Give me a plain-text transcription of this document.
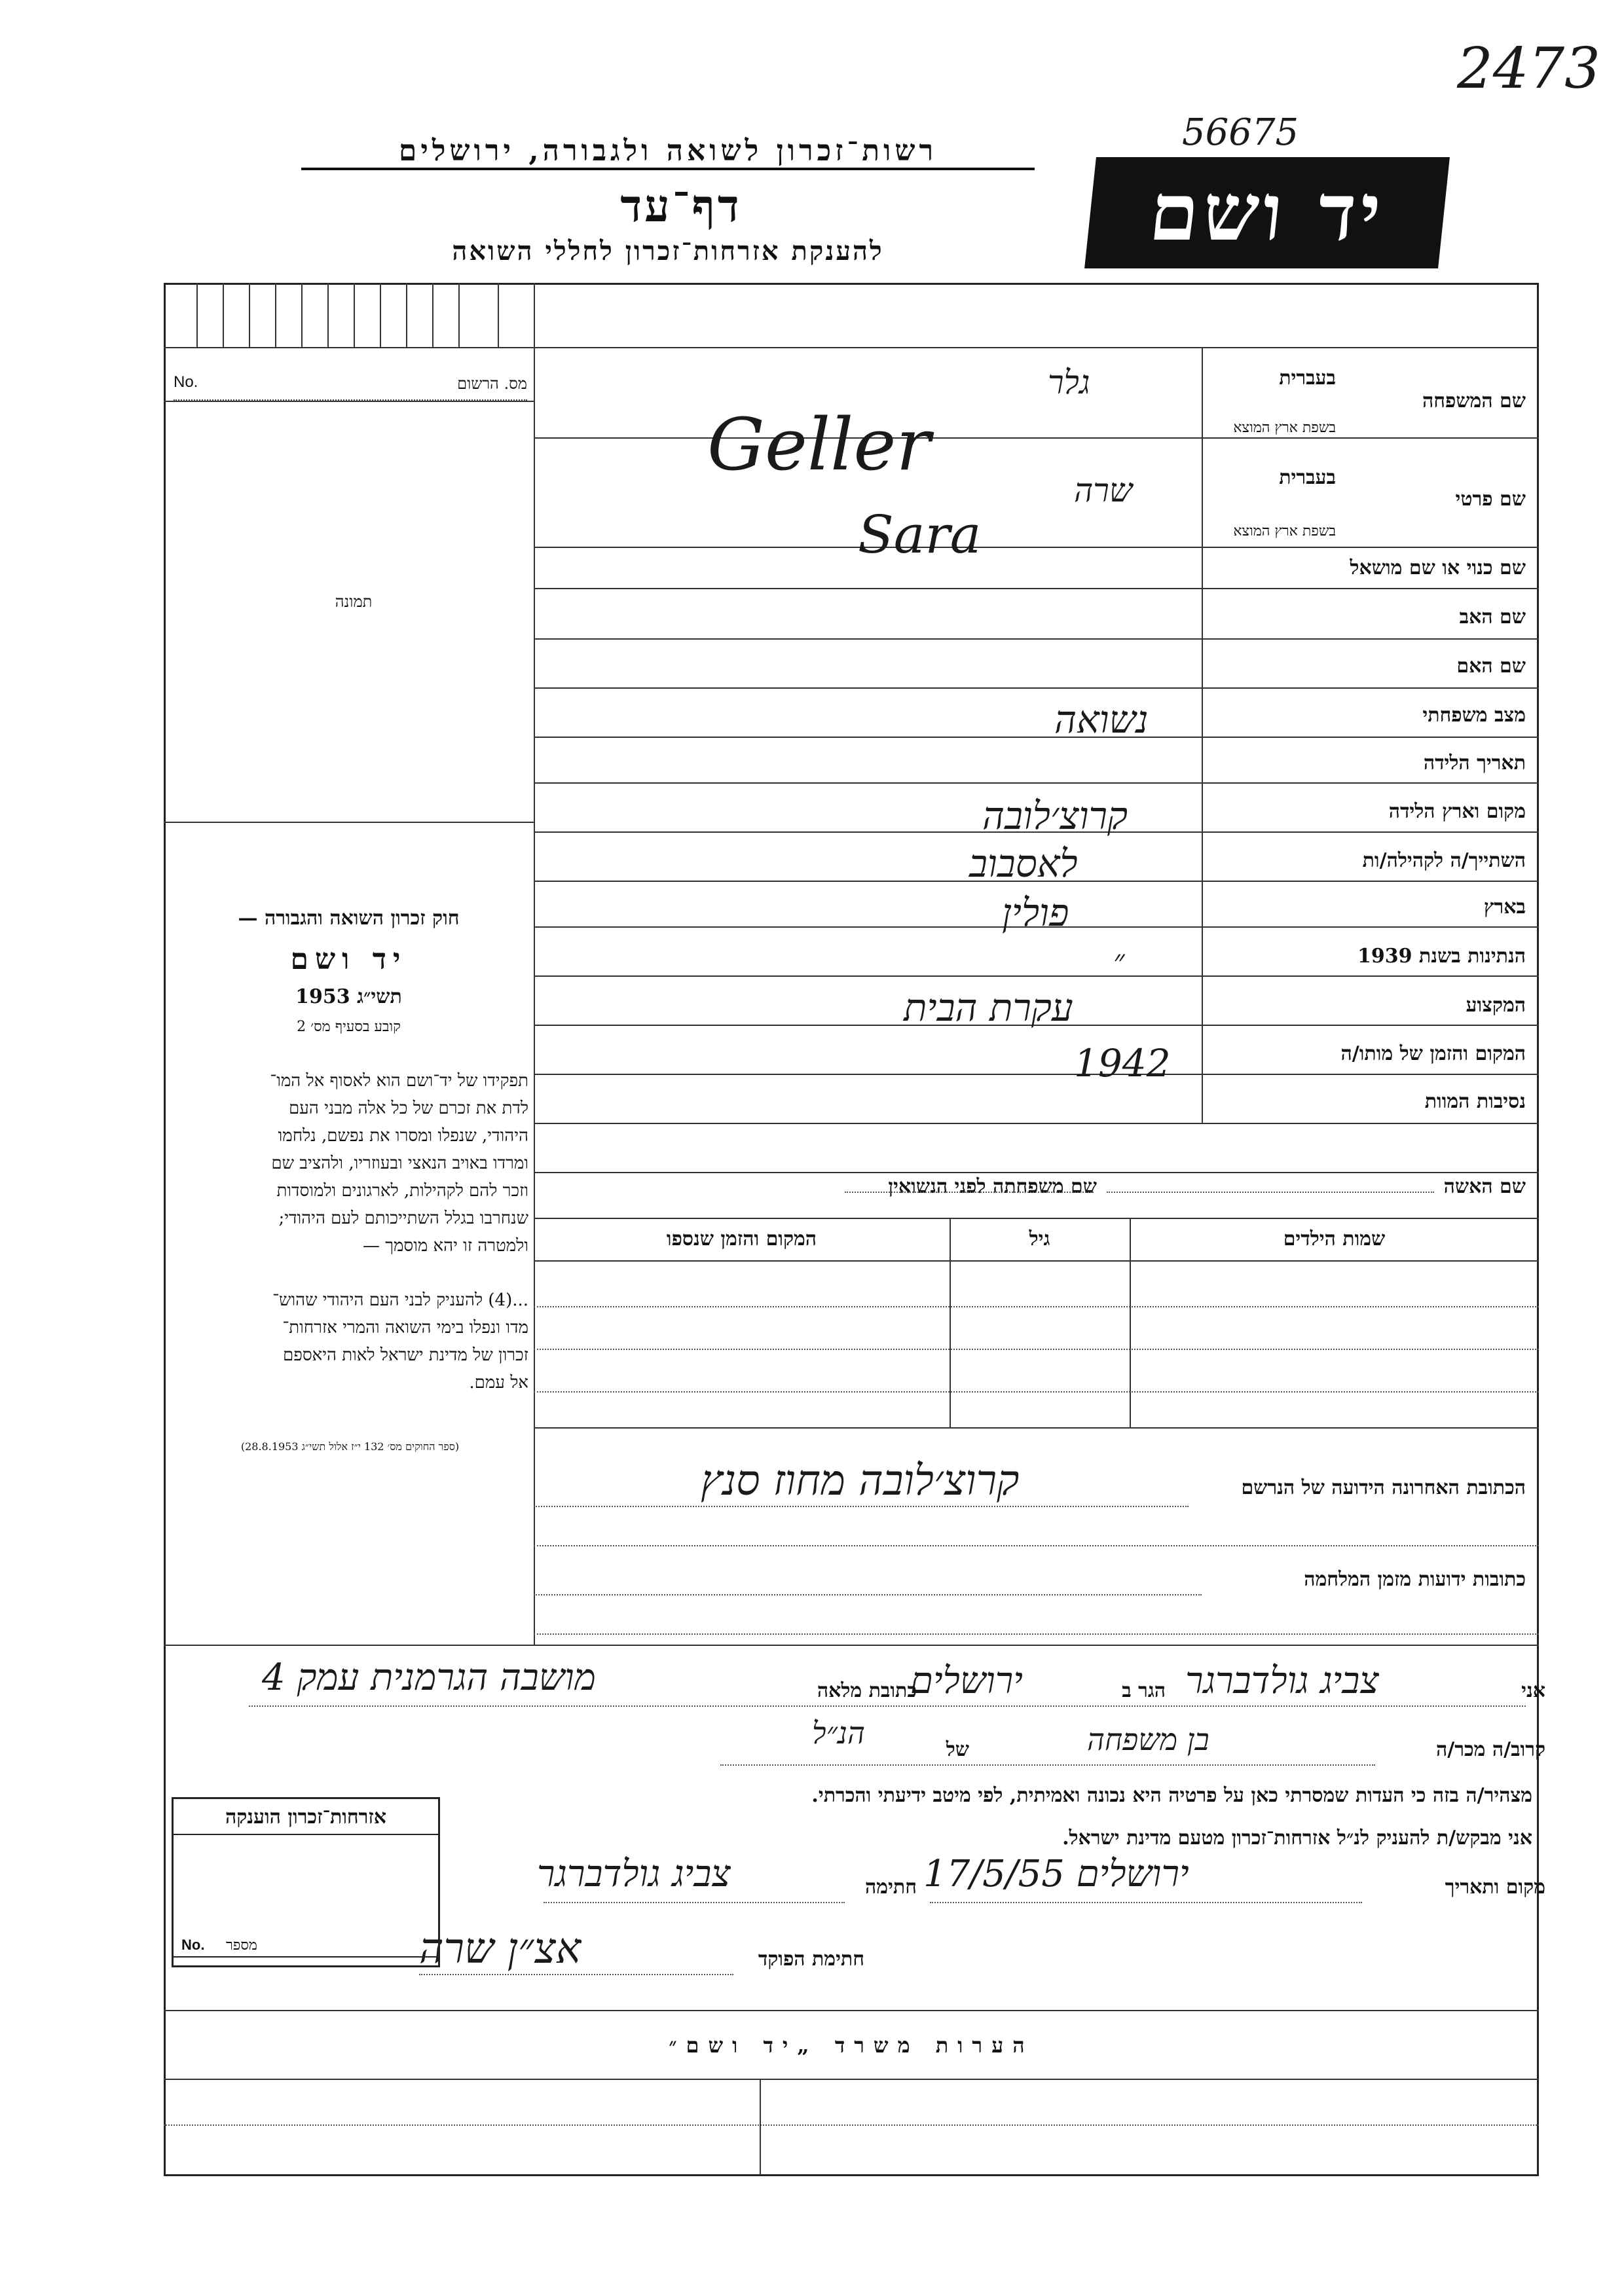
2473
56675
רשות־זכרון לשואה ולגבורה, ירושלים
דף־עד
להענקת אזרחות־זכרון לחללי השואה	יד ושם
No.	מס. הרשום
תמונה
חוק זכרון השואה והגבורה —
יד ושם
תשי״ג 1953
קובע בסעיף מס׳ 2
תפקידו של יד־ושם הוא לאסוף אל המו־
לדת את זכרם של כל אלה מבני העם
היהודי, שנפלו ומסרו את נפשם, נלחמו
ומרדו באויב הנאצי ובעוזריו, ולהציב שם
וזכר להם לקהילות, לארגונים ולמוסדות
שנחרבו בגלל השתייכותם לעם היהודי;
ולמטרה זו יהא מוסמך —
...(4) להעניק לבני העם היהודי שהוש־
מדו ונפלו בימי השואה והמרי אזרחות־
זכרון של מדינת ישראל לאות היאספם
אל עמם.
(ספר החוקים מס׳ 132 י״ז אלול תשי״ג 28.8.1953)
בעברית
שם המשפחה
בשפת ארץ המוצא
בעברית
שם פרטי
בשפת ארץ המוצא
שם כנוי או שם מושאל
שם האב
שם האם
מצב משפחתי
תאריך הלידה
מקום וארץ הלידה
השתייך/ה לקהילה/ות
בארץ
הנתינות בשנת 1939
המקצוע
המקום והזמן של מותו/ה
נסיבות המוות
גלר
Geller
שרה
Sara
נשואה
קרוצ׳לובה
לאסבוב
פולין
״
עקרת הבית
1942
שם האשה
שם משפחתה לפני הנשואין
שמות הילדים
גיל
המקום והזמן שנספו
הכתובת האחרונה הידועה של הנרשם
קרוצ׳לובה מחוז סנץ
כתובות ידועות מזמן המלחמה
אני
צביג גולדברגר
הגר ב
ירושלים
כתובת מלאה
מושבה הגרמנית עמק 4
קרוב/ה מכר/ה
בן משפחה
של
הנ״ל
מצהיר/ה בזה כי העדות שמסרתי כאן על פרטיה היא נכונה ואמיתית, לפי מיטב ידיעתי והכרתי.
אני מבקש/ת להעניק לנ״ל אזרחות־זכרון מטעם מדינת ישראל.
מקום ותאריך
ירושלים 17/5/55
חתימה
צביג גולדברגר
חתימת הפוקד
אצ״ן שרה
אזרחות־זכרון הוענקה
No. מספר
הערות משרד „יד ושם״
